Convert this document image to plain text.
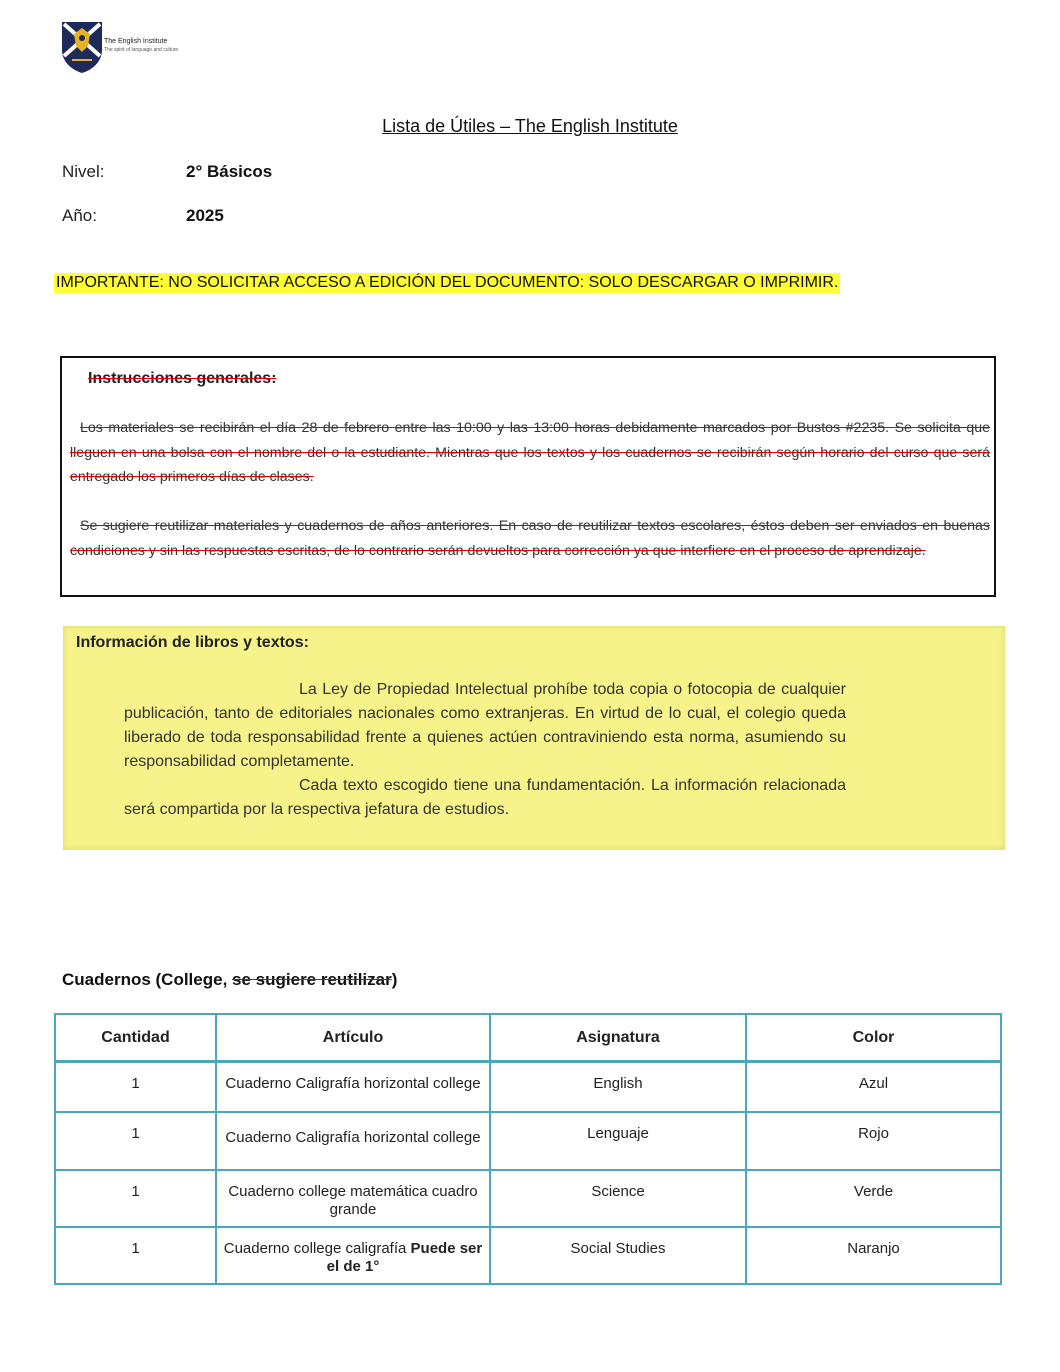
The English Institute
The spirit of language and culture
Lista de Útiles – The English Institute
Nivel:	2° Básicos
Año:	2025
IMPORTANTE: NO SOLICITAR ACCESO A EDICIÓN DEL DOCUMENTO: SOLO DESCARGAR O IMPRIMIR.
Instrucciones generales:
Los materiales se recibirán el día 28 de febrero entre las 10:00 y las 13:00 horas debidamente marcados por Bustos #2235. Se solicita que lleguen en una bolsa con el nombre del o la estudiante. Mientras que los textos y los cuadernos se recibirán según horario del curso que será entregado los primeros días de clases.
Se sugiere reutilizar materiales y cuadernos de años anteriores. En caso de reutilizar textos escolares, éstos deben ser enviados en buenas condiciones y sin las respuestas escritas, de lo contrario serán devueltos para corrección ya que interfiere en el proceso de aprendizaje.
Información de libros y textos:
La Ley de Propiedad Intelectual prohíbe toda copia o fotocopia de cualquier publicación, tanto de editoriales nacionales como extranjeras. En virtud de lo cual, el colegio queda liberado de toda responsabilidad frente a quienes actúen contraviniendo esta norma, asumiendo su responsabilidad completamente.
Cada texto escogido tiene una fundamentación. La información relacionada será compartida por la respectiva jefatura de estudios.
Cuadernos (College, se sugiere reutilizar)
Cantidad	Artículo	Asignatura	Color
1	Cuaderno Caligrafía horizontal college	English	Azul
1	Cuaderno Caligrafía horizontal college	Lenguaje	Rojo
1	Cuaderno college matemática cuadro grande	Science	Verde
1	Cuaderno college caligrafía Puede ser el de 1°	Social Studies	Naranjo
